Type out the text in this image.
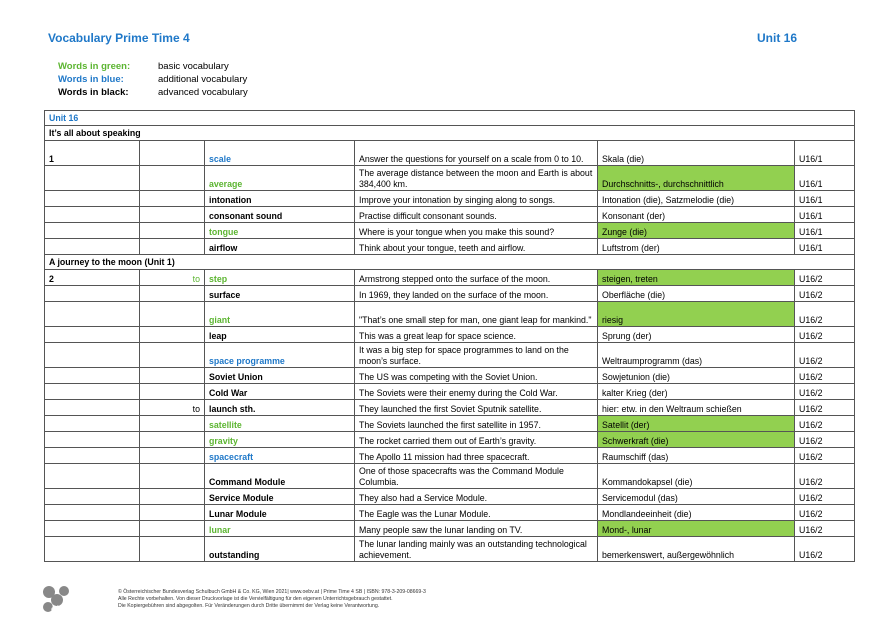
Vocabulary Prime Time 4	Unit 16
Words in green:	basic vocabulary
Words in blue:	additional vocabulary
Words in black:	advanced vocabulary
Unit 16					
It’s all about speaking					
1		scale	Answer the questions for yourself on a scale from 0 to 10.	Skala (die)	U16/1
		average	The average distance between the moon and Earth is about 384,400 km.	Durchschnitts-, durchschnittlich	U16/1
		intonation	Improve your intonation by singing along to songs.	Intonation (die), Satzmelodie (die)	U16/1
		consonant sound	Practise difficult consonant sounds.	Konsonant (der)	U16/1
		tongue	Where is your tongue when you make this sound?	Zunge (die)	U16/1
		airflow	Think about your tongue, teeth and airflow.	Luftstrom (der)	U16/1
A journey to the moon (Unit 1)					
2	to	step	Armstrong stepped onto the surface of the moon.	steigen, treten	U16/2
		surface	In 1969, they landed on the surface of the moon.	Oberfläche (die)	U16/2
		giant	"That’s one small step for man, one giant leap for mankind."	riesig	U16/2
		leap	This was a great leap for space science.	Sprung (der)	U16/2
		space programme	It was a big step for space programmes to land on the moon’s surface.	Weltraumprogramm (das)	U16/2
		Soviet Union	The US was competing with the Soviet Union.	Sowjetunion (die)	U16/2
		Cold War	The Soviets were their enemy during the Cold War.	kalter Krieg (der)	U16/2
	to	launch sth.	They launched the first Soviet Sputnik satellite.	hier: etw. in den Weltraum schießen	U16/2
		satellite	The Soviets launched the first satellite in 1957.	Satellit (der)	U16/2
		gravity	The rocket carried them out of Earth’s gravity.	Schwerkraft (die)	U16/2
		spacecraft	The Apollo 11 mission had three spacecraft.	Raumschiff (das)	U16/2
		Command Module	One of those spacecrafts was the Command Module Columbia.	Kommandokapsel (die)	U16/2
		Service Module	They also had a Service Module.	Servicemodul (das)	U16/2
		Lunar Module	The Eagle was the Lunar Module.	Mondlandeeinheit (die)	U16/2
		lunar	Many people saw the lunar landing on TV.	Mond-, lunar	U16/2
		outstanding	The lunar landing mainly was an outstanding technological achievement.	bemerkenswert, außergewöhnlich	U16/2
öbv
© Österreichischer Bundesverlag Schulbuch GmbH & Co. KG, Wien 2021| www.oebv.at | Prime Time 4 SB | ISBN: 978-3-209-08669-3
Alle Rechte vorbehalten. Von dieser Druckvorlage ist die Vervielfältigung für den eigenen Unterrichtsgebrauch gestattet.
Die Kopiergebühren sind abgegolten. Für Veränderungen durch Dritte übernimmt der Verlag keine Verantwortung.
